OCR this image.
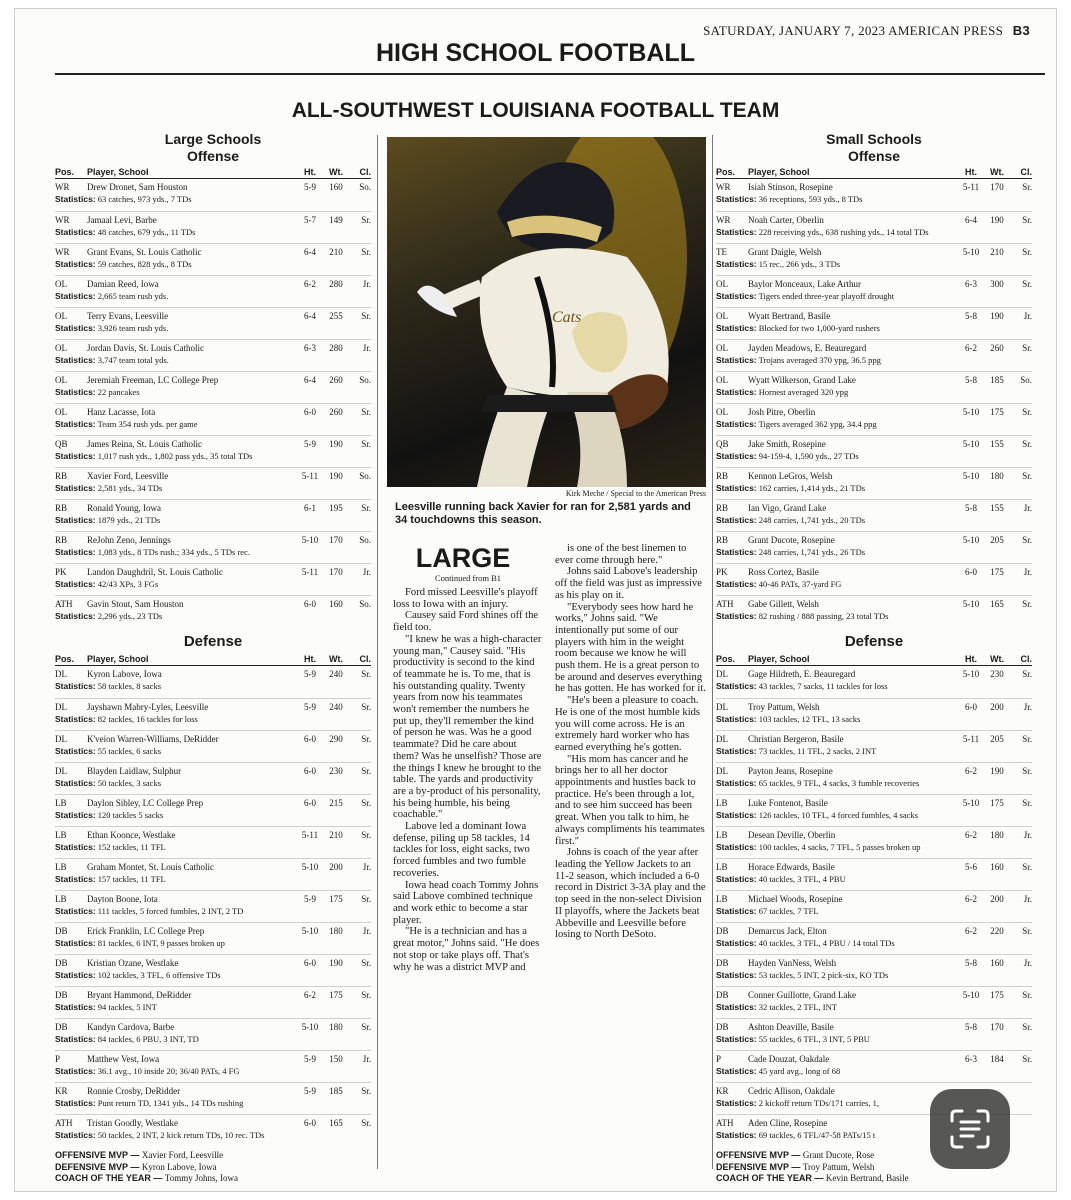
SATURDAY, JANUARY 7, 2023 AMERICAN PRESS B3
HIGH SCHOOL FOOTBALL
ALL-SOUTHWEST LOUISIANA FOOTBALL TEAM
Large Schools
Offense
Pos.	Player, School	Ht.	Wt.	Cl.
WR	Drew Dronet, Sam Houston	5-9	160	So.
Statistics: 63 catches, 973 yds., 7 TDs
WR	Jamaal Levi, Barbe	5-7	149	Sr.
Statistics: 48 catches, 679 yds., 11 TDs
WR	Grant Evans, St. Louis Catholic	6-4	210	Sr.
Statistics: 59 catches, 828 yds., 8 TDs
OL	Damian Reed, Iowa	6-2	280	Jr.
Statistics: 2,665 team rush yds.
OL	Terry Evans, Leesville	6-4	255	Sr.
Statistics: 3,926 team rush yds.
OL	Jordan Davis, St. Louis Catholic	6-3	280	Jr.
Statistics: 3,747 team total yds.
OL	Jeremiah Freeman, LC College Prep	6-4	260	So.
Statistics: 22 pancakes
OL	Hanz Lacasse, Iota	6-0	260	Sr.
Statistics: Team 354 rush yds. per game
QB	James Reina, St. Louis Catholic	5-9	190	Sr.
Statistics: 1,017 rush yds., 1,802 pass yds., 35 total TDs
RB	Xavier Ford, Leesville	5-11	190	So.
Statistics: 2,581 yds., 34 TDs
RB	Ronald Young, Iowa	6-1	195	Sr.
Statistics: 1879 yds., 21 TDs
RB	ReJohn Zeno, Jennings	5-10	170	So.
Statistics: 1,083 yds., 8 TDs rush.; 334 yds., 5 TDs rec.
PK	Landon Daughdril, St. Louis Catholic	5-11	170	Jr.
Statistics: 42/43 XPs, 3 FGs
ATH	Gavin Stout, Sam Houston	6-0	160	So.
Statistics: 2,296 yds., 23 TDs
Defense
Pos.	Player, School	Ht.	Wt.	Cl.
DL	Kyron Labove, Iowa	5-9	240	Sr.
Statistics: 58 tackles, 8 sacks
DL	Jayshawn Mabry-Lyles, Leesville	5-9	240	Sr.
Statistics: 82 tackles, 16 tackles for loss
DL	K'veion Warren-Williams, DeRidder	6-0	290	Sr.
Statistics: 55 tackles, 6 sacks
DL	Blayden Laidlaw, Sulphur	6-0	230	Sr.
Statistics: 50 tackles, 3 sacks
LB	Daylon Sibley, LC College Prep	6-0	215	Sr.
Statistics: 120 tackles 5 sacks
LB	Ethan Koonce, Westlake	5-11	210	Sr.
Statistics: 152 tackles, 11 TFL
LB	Graham Montet, St. Louis Catholic	5-10	200	Jr.
Statistics: 157 tackles, 11 TFL
LB	Dayton Boone, Iota	5-9	175	Sr.
Statistics: 111 tackles, 5 forced fumbles, 2 INT, 2 TD
DB	Erick Franklin, LC College Prep	5-10	180	Jr.
Statistics: 81 tackles, 6 INT, 9 passes broken up
DB	Kristian Ozane, Westlake	6-0	190	Sr.
Statistics: 102 tackles, 3 TFL, 6 offensive TDs
DB	Bryant Hammond, DeRidder	6-2	175	Sr.
Statistics: 94 tackles, 5 INT
DB	Kandyn Cardova, Barbe	5-10	180	Sr.
Statistics: 84 tackles, 6 PBU, 3 INT, TD
P	Matthew Vest, Iowa	5-9	150	Jr.
Statistics: 36.1 avg., 10 inside 20; 36/40 PATs, 4 FG
KR	Ronnie Crosby, DeRidder	5-9	185	Sr.
Statistics: Punt return TD, 1341 yds., 14 TDs rushing
ATH	Tristan Goodly, Westlake	6-0	165	Sr.
Statistics: 50 tackles, 2 INT, 2 kick return TDs, 10 rec. TDs
OFFENSIVE MVP — Xavier Ford, Leesville
DEFENSIVE MVP — Kyron Labove, Iowa
COACH OF THE YEAR — Tommy Johns, Iowa
Cats
Kirk Meche / Special to the American Press
Leesville running back Xavier for ran for 2,581 yards and 34 touchdowns this season.
LARGE
Continued from B1

Ford missed Leesville's playoff loss to Iowa with an injury.

Causey said Ford shines off the field too.

"I knew he was a high-character young man," Causey said. "His productivity is second to the kind of teammate he is. To me, that is his outstanding quality. Twenty years from now his teammates won't remember the numbers he put up, they'll remember the kind of person he was. Was he a good teammate? Did he care about them? Was he unselfish? Those are the things I knew he brought to the table. The yards and productivity are a by-product of his personality, his being humble, his being coachable."

Labove led a dominant Iowa defense, piling up 58 tackles, 14 tackles for loss, eight sacks, two forced fumbles and two fumble recoveries.

Iowa head coach Tommy Johns said Labove combined technique and work ethic to become a star player.

"He is a technician and has a great motor," Johns said. "He does not stop or take plays off. That's why he was a district MVP and

is one of the best linemen to ever come through here."

Johns said Labove's leadership off the field was just as impressive as his play on it.

"Everybody sees how hard he works," Johns said. "We intentionally put some of our players with him in the weight room because we know he will push them. He is a great person to be around and deserves everything he has gotten. He has worked for it.

"He's been a pleasure to coach. He is one of the most humble kids you will come across. He is an extremely hard worker who has earned everything he's gotten.

"His mom has cancer and he brings her to all her doctor appointments and hustles back to practice. He's been through a lot, and to see him succeed has been great. When you talk to him, he always compliments his teammates first."

Johns is coach of the year after leading the Yellow Jackets to an 11-2 season, which included a 6-0 record in District 3-3A play and the top seed in the non-select Division II playoffs, where the Jackets beat Abbeville and Leesville before losing to North DeSoto.

Small Schools
Offense
Pos.	Player, School	Ht.	Wt.	Cl.
WR	Isiah Stinson, Rosepine	5-11	170	Sr.
Statistics: 36 receptions, 593 yds., 8 TDs
WR	Noah Carter, Oberlin	6-4	190	Sr.
Statistics: 228 receiving yds., 638 rushing yds., 14 total TDs
TE	Grant Daigle, Welsh	5-10	210	Sr.
Statistics: 15 rec., 266 yds., 3 TDs
OL	Baylor Monceaux, Lake Arthur	6-3	300	Sr.
Statistics: Tigers ended three-year playoff drought
OL	Wyatt Bertrand, Basile	5-8	190	Jr.
Statistics: Blocked for two 1,000-yard rushers
OL	Jayden Meadows, E. Beauregard	6-2	260	Sr.
Statistics: Trojans averaged 370 ypg, 36.5 ppg
OL	Wyatt Wilkerson, Grand Lake	5-8	185	So.
Statistics: Hornest averaged 320 ypg
OL	Josh Pitre, Oberlin	5-10	175	Sr.
Statistics: Tigers averaged 362 ypg, 34.4 ppg
QB	Jake Smith, Rosepine	5-10	155	Sr.
Statistics: 94-159-4, 1,590 yds., 27 TDs
RB	Kennon LeGros, Welsh	5-10	180	Sr.
Statistics: 162 carries, 1,414 yds., 21 TDs
RB	Ian Vigo, Grand Lake	5-8	155	Jr.
Statistics: 248 carries, 1,741 yds., 20 TDs
RB	Grant Ducote, Rosepine	5-10	205	Sr.
Statistics: 248 carries, 1,741 yds., 26 TDs
PK	Ross Cortez, Basile	6-0	175	Jr.
Statistics: 40-46 PATs, 37-yard FG
ATH	Gabe Gillett, Welsh	5-10	165	Sr.
Statistics: 82 rushing / 888 passing, 23 total TDs
Defense
Pos.	Player, School	Ht.	Wt.	Cl.
DL	Gage Hildreth, E. Beauregard	5-10	230	Sr.
Statistics: 43 tackles, 7 sacks, 11 tackles for loss
DL	Troy Pattum, Welsh	6-0	200	Jr.
Statistics: 103 tackles, 12 TFL, 13 sacks
DL	Christian Bergeron, Basile	5-11	205	Sr.
Statistics: 73 tackles, 11 TFL, 2 sacks, 2 INT
DL	Payton Jeans, Rosepine	6-2	190	Sr.
Statistics: 65 tackles, 9 TFL, 4 sacks, 3 fumble recoveries
LB	Luke Fontenot, Basile	5-10	175	Sr.
Statistics: 126 tackles, 10 TFL, 4 forced fumbles, 4 sacks
LB	Desean Deville, Oberlin	6-2	180	Jr.
Statistics: 100 tackles, 4 sacks, 7 TFL, 5 passes broken up
LB	Horace Edwards, Basile	5-6	160	Sr.
Statistics: 40 tackles, 3 TFL, 4 PBU
LB	Michael Woods, Rosepine	6-2	200	Jr.
Statistics: 67 tackles, 7 TFL
DB	Demarcus Jack, Elton	6-2	220	Sr.
Statistics: 40 tackles, 3 TFL, 4 PBU / 14 total TDs
DB	Hayden VanNess, Welsh	5-8	160	Jr.
Statistics: 53 tackles, 5 INT, 2 pick-six, KO TDs
DB	Conner Guillotte, Grand Lake	5-10	175	Sr.
Statistics: 32 tackles, 2 TFL, INT
DB	Ashton Deaville, Basile	5-8	170	Sr.
Statistics: 55 tackles, 6 TFL, 3 INT, 5 PBU
P	Cade Douzat, Oakdale	6-3	184	Sr.
Statistics: 45 yard avg., long of 68
KR	Cedric Allison, Oakdale
Statistics: 2 kickoff return TDs/171 carries, 1,
ATH	Aden Cline, Rosepine
Statistics: 69 tackles, 6 TFL/47-58 PATs/15 t
OFFENSIVE MVP — Grant Ducote, Rose
DEFENSIVE MVP — Troy Pattum, Welsh
COACH OF THE YEAR — Kevin Bertrand, Basile
